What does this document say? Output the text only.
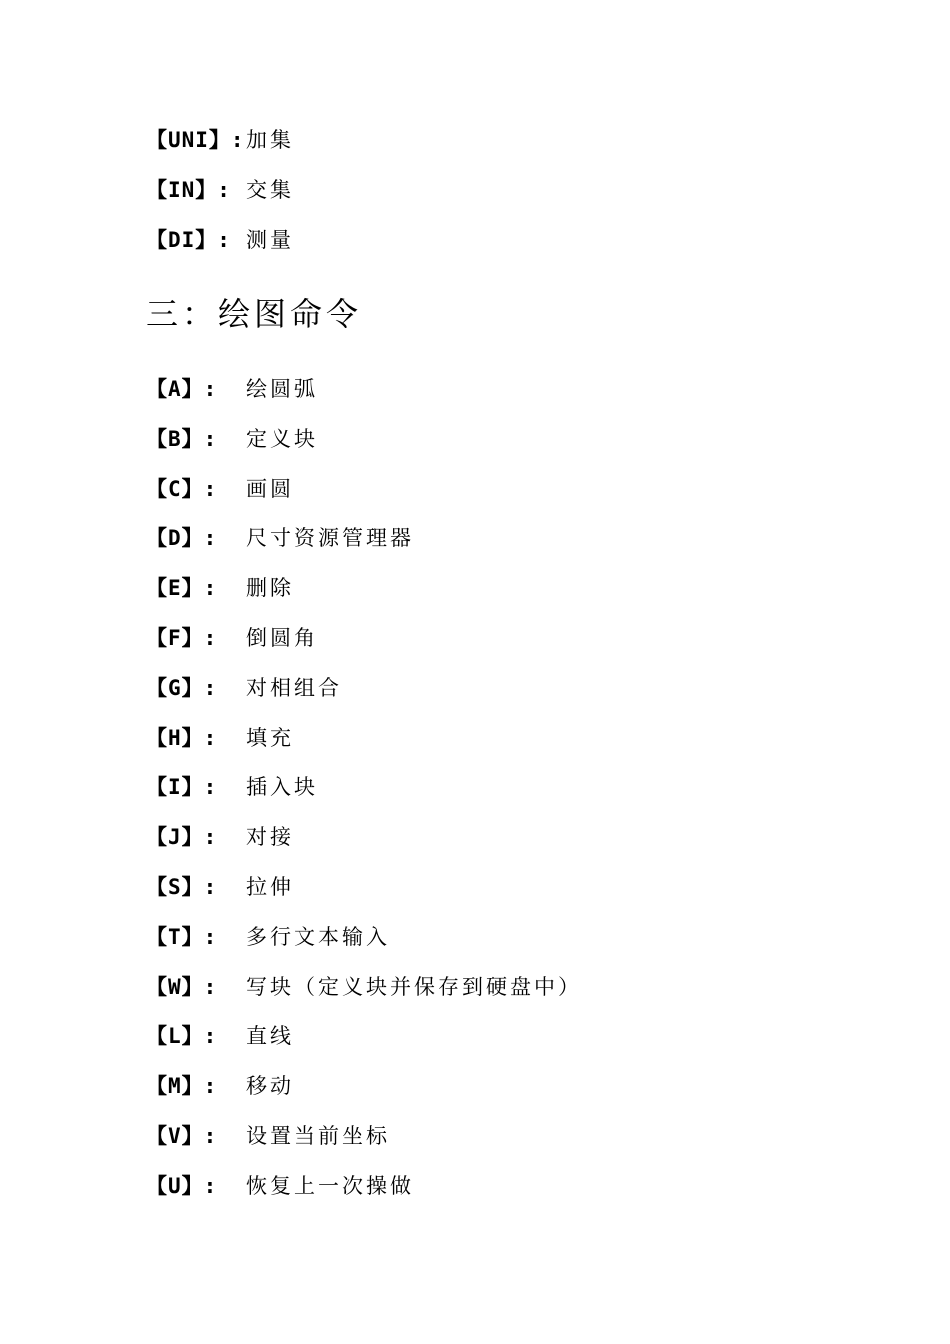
【UNI】: 加集
【IN】: 交集
【DI】: 测量
三：绘图命令
【A】:	绘圆弧
【B】:	定义块
【C】:	画圆
【D】:	尺寸资源管理器
【E】:	删除
【F】:	倒圆角
【G】:	对相组合
【H】:	填充
【I】:	插入块
【J】:	对接
【S】:	拉伸
【T】:	多行文本输入
【W】:	写块（定义块并保存到硬盘中）
【L】:	直线
【M】:	移动
【V】:	设置当前坐标
【U】:	恢复上一次操做
